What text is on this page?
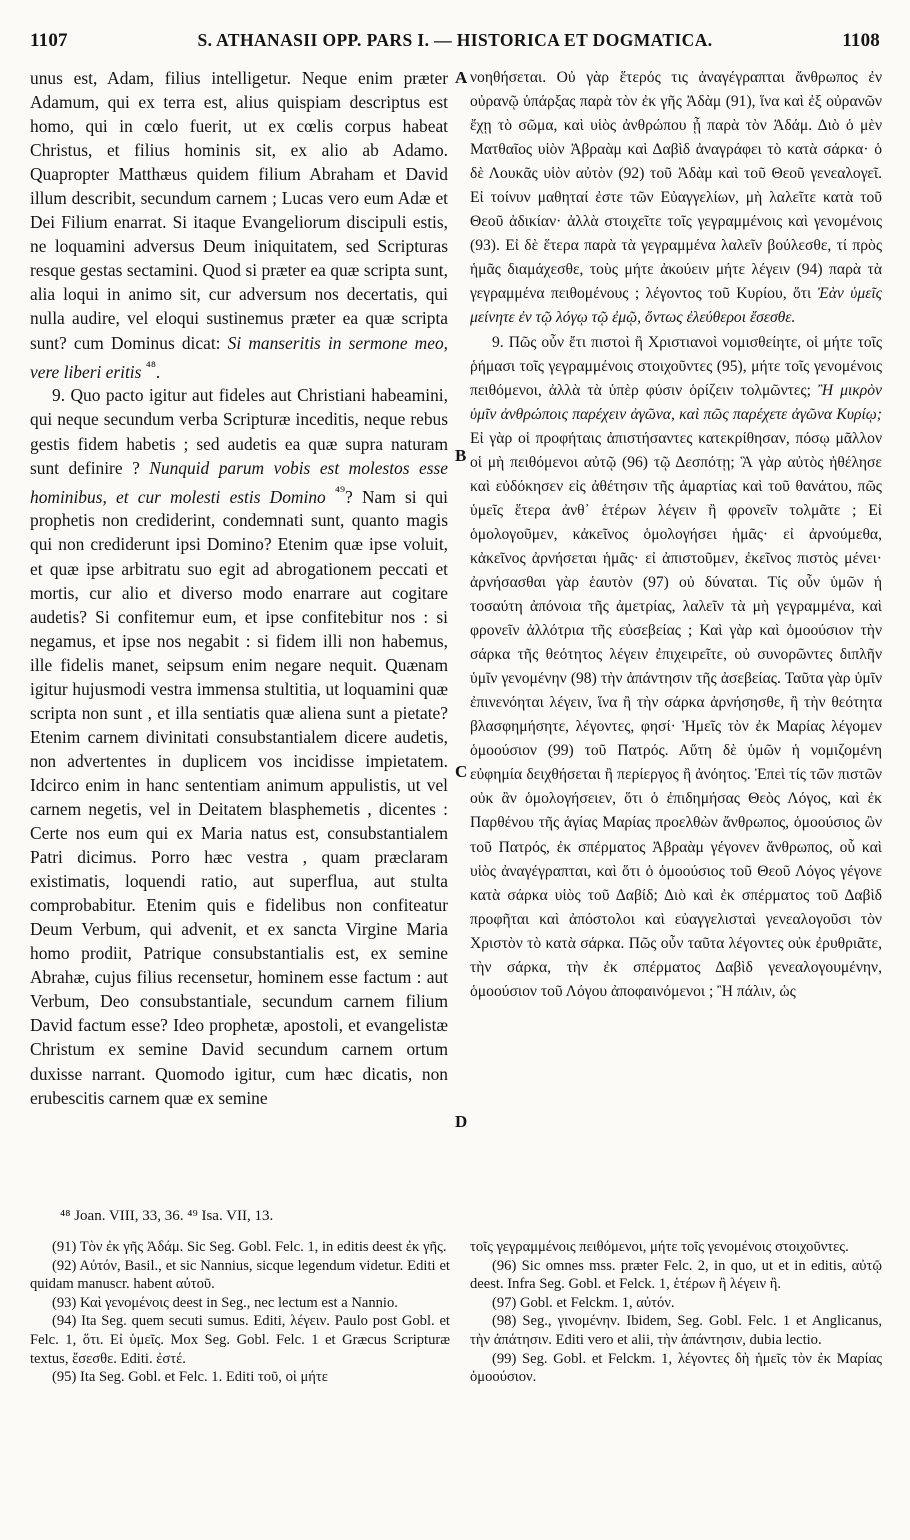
1107	S. ATHANASII OPP. PARS I. — HISTORICA ET DOGMATICA.	1108

unus est, Adam, filius intelligetur. Neque enim præter Adamum, qui ex terra est, alius quispiam descriptus est homo, qui in cœlo fuerit, ut ex cœlis corpus habeat Christus, et filius hominis sit, ex alio ab Adamo. Quapropter Matthæus quidem filium Abraham et David illum describit, secundum carnem ; Lucas vero eum Adæ et Dei Filium enarrat. Si itaque Evangeliorum discipuli estis, ne loquamini adversus Deum iniquitatem, sed Scripturas resque gestas sectamini. Quod si præter ea quæ scripta sunt, alia loqui in animo sit, cur adversum nos decertatis, qui nulla audire, vel eloqui sustinemus præter ea quæ scripta sunt? cum Dominus dicat: Si manseritis in sermone meo, vere liberi eritis $^{^{48}}$.

9. Quo pacto igitur aut fideles aut Christiani habeamini, qui neque secundum verba Scripturæ inceditis, neque rebus gestis fidem habetis ; sed audetis ea quæ supra naturam sunt definire ? Nunquid parum vobis est molestos esse hominibus, et cur molesti estis Domino $^{^{49}}$? Nam si qui prophetis non crediderint, condemnati sunt, quanto magis qui non crediderunt ipsi Domino? Etenim quæ ipse voluit, et quæ ipse arbitratu suo egit ad abrogationem peccati et mortis, cur alio et diverso modo enarrare aut cogitare audetis? Si confitemur eum, et ipse confitebitur nos : si negamus, et ipse nos negabit : si fidem illi non habemus, ille fidelis manet, seipsum enim negare nequit. Quænam igitur hujusmodi vestra immensa stultitia, ut loquamini quæ scripta non sunt , et illa sentiatis quæ aliena sunt a pietate? Etenim carnem divinitati consubstantialem dicere audetis, non advertentes in duplicem vos incidisse impietatem. Idcirco enim in hanc sententiam animum appulistis, ut vel carnem negetis, vel in Deitatem blasphemetis , dicentes : Certe nos eum qui ex Maria natus est, consubstantialem Patri dicimus. Porro hæc vestra , quam præclaram existimatis, loquendi ratio, aut superflua, aut stulta comprobabitur. Etenim quis e fidelibus non confiteatur Deum Verbum, qui advenit, et ex sancta Virgine Maria homo prodiit, Patrique consubstantialis est, ex semine Abrahæ, cujus filius recensetur, hominem esse factum : aut Verbum, Deo consubstantiale, secundum carnem filium David factum esse? Ideo prophetæ, apostoli, et evangelistæ Christum ex semine David secundum carnem ortum duxisse narrant. Quomodo igitur, cum hæc dicatis, non erubescitis carnem quæ ex semine

A
B
C
D

νοηθήσεται. Οὐ γὰρ ἕτερός τις ἀναγέγραπται ἄνθρωπος ἐν οὐρανῷ ὑπάρξας παρὰ τὸν ἐκ γῆς Ἀδὰμ (91), ἵνα καὶ ἐξ οὐρανῶν ἔχῃ τὸ σῶμα, καὶ υἱὸς ἀνθρώπου ᾖ παρὰ τὸν Ἀδάμ. Διὸ ὁ μὲν Ματθαῖος υἱὸν Ἀβραὰμ καὶ Δαβὶδ ἀναγράφει τὸ κατὰ σάρκα· ὁ δὲ Λουκᾶς υἱὸν αὐτὸν (92) τοῦ Ἀδὰμ καὶ τοῦ Θεοῦ γενεαλογεῖ. Εἰ τοίνυν μαθηταί ἐστε τῶν Εὐαγγελίων, μὴ λαλεῖτε κατὰ τοῦ Θεοῦ ἀδικίαν· ἀλλὰ στοιχεῖτε τοῖς γεγραμμένοις καὶ γενομένοις (93). Εἰ δὲ ἕτερα παρὰ τὰ γεγραμμένα λαλεῖν βούλεσθε, τί πρὸς ἡμᾶς διαμάχεσθε, τοὺς μήτε ἀκούειν μήτε λέγειν (94) παρὰ τὰ γεγραμμένα πειθομένους ; λέγοντος τοῦ Κυρίου, ὅτι Ἐὰν ὑμεῖς μείνητε ἐν τῷ λόγῳ τῷ ἐμῷ, ὄντως ἐλεύθεροι ἔσεσθε.

9. Πῶς οὖν ἔτι πιστοὶ ἢ Χριστιανοὶ νομισθείητε, οἱ μήτε τοῖς ῥήμασι τοῖς γεγραμμένοις στοιχοῦντες (95), μήτε τοῖς γενομένοις πειθόμενοι, ἀλλὰ τὰ ὑπὲρ φύσιν ὁρίζειν τολμῶντες; Ἢ μικρὸν ὑμῖν ἀνθρώποις παρέχειν ἀγῶνα, καὶ πῶς παρέχετε ἀγῶνα Κυρίῳ; Εἰ γὰρ οἱ προφήταις ἀπιστήσαντες κατεκρίθησαν, πόσῳ μᾶλλον οἱ μὴ πειθόμενοι αὐτῷ (96) τῷ Δεσπότῃ; Ἃ γὰρ αὐτὸς ἠθέλησε καὶ εὐδόκησεν εἰς ἀθέτησιν τῆς ἁμαρτίας καὶ τοῦ θανάτου, πῶς ὑμεῖς ἕτερα ἀνθ᾽ ἑτέρων λέγειν ἢ φρονεῖν τολμᾶτε ; Εἰ ὁμολογοῦμεν, κἀκεῖνος ὁμολογήσει ἡμᾶς· εἰ ἀρνούμεθα, κἀκεῖνος ἀρνήσεται ἡμᾶς· εἰ ἀπιστοῦμεν, ἐκεῖνος πιστὸς μένει· ἀρνήσασθαι γὰρ ἑαυτὸν (97) οὐ δύναται. Τίς οὖν ὑμῶν ἡ τοσαύτη ἀπόνοια τῆς ἀμετρίας, λαλεῖν τὰ μὴ γεγραμμένα, καὶ φρονεῖν ἀλλότρια τῆς εὐσεβείας ; Καὶ γὰρ καὶ ὁμοούσιον τὴν σάρκα τῆς θεότητος λέγειν ἐπιχειρεῖτε, οὐ συνορῶντες διπλῆν ὑμῖν γενομένην (98) τὴν ἀπάντησιν τῆς ἀσεβείας. Ταῦτα γὰρ ὑμῖν ἐπινενόηται λέγειν, ἵνα ἢ τὴν σάρκα ἀρνήσησθε, ἢ τὴν θεότητα βλασφημήσητε, λέγοντες, φησί· Ἡμεῖς τὸν ἐκ Μαρίας λέγομεν ὁμοούσιον (99) τοῦ Πατρός. Αὕτη δὲ ὑμῶν ἡ νομιζομένη εὐφημία δειχθήσεται ἢ περίεργος ἢ ἀνόητος. Ἐπεὶ τίς τῶν πιστῶν οὐκ ἂν ὁμολογήσειεν, ὅτι ὁ ἐπιδημήσας Θεὸς Λόγος, καὶ ἐκ Παρθένου τῆς ἁγίας Μαρίας προελθὼν ἄνθρωπος, ὁμοούσιος ὢν τοῦ Πατρός, ἐκ σπέρματος Ἀβραὰμ γέγονεν ἄνθρωπος, οὗ καὶ υἱὸς ἀναγέγραπται, καὶ ὅτι ὁ ὁμοούσιος τοῦ Θεοῦ Λόγος γέγονε κατὰ σάρκα υἱὸς τοῦ Δαβίδ; Διὸ καὶ ἐκ σπέρματος τοῦ Δαβὶδ προφῆται καὶ ἀπόστολοι καὶ εὐαγγελισταὶ γενεαλογοῦσι τὸν Χριστὸν τὸ κατὰ σάρκα. Πῶς οὖν ταῦτα λέγοντες οὐκ ἐρυθριᾶτε, τὴν σάρκα, τὴν ἐκ σπέρματος Δαβὶδ γενεαλογουμένην, ὁμοούσιον τοῦ Λόγου ἀποφαινόμενοι ; Ἢ πάλιν, ὡς

⁴⁸ Joan. VIII, 33, 36. ⁴⁹ Isa. VII, 13.

(91) Τὸν ἐκ γῆς Ἀδάμ. Sic Seg. Gobl. Felc. 1, in editis deest ἐκ γῆς.

(92) Αὐτόν, Basil., et sic Nannius, sicque legendum videtur. Editi et quidam manuscr. habent αὐτοῦ.

(93) Καὶ γενομένοις deest in Seg., nec lectum est a Nannio.

(94) Ita Seg. quem secuti sumus. Editi, λέγειν. Paulo post Gobl. et Felc. 1, ὅτι. Εἰ ὑμεῖς. Mox Seg. Gobl. Felc. 1 et Græcus Scripturæ textus, ἔσεσθε. Editi. ἐστέ.

(95) Ita Seg. Gobl. et Felc. 1. Editi τοῦ, οἱ μήτε

τοῖς γεγραμμένοις πειθόμενοι, μήτε τοῖς γενομένοις στοιχοῦντες.

(96) Sic omnes mss. præter Felc. 2, in quo, ut et in editis, αὐτῷ deest. Infra Seg. Gobl. et Felck. 1, ἑτέρων ἢ λέγειν ἢ.

(97) Gobl. et Felckm. 1, αὐτόν.

(98) Seg., γινομένην. Ibidem, Seg. Gobl. Felc. 1 et Anglicanus, τὴν ἀπάτησιν. Editi vero et alii, τὴν ἀπάντησιν, dubia lectio.

(99) Seg. Gobl. et Felckm. 1, λέγοντες δὴ ἡμεῖς τὸν ἐκ Μαρίας ὁμοούσιον.
